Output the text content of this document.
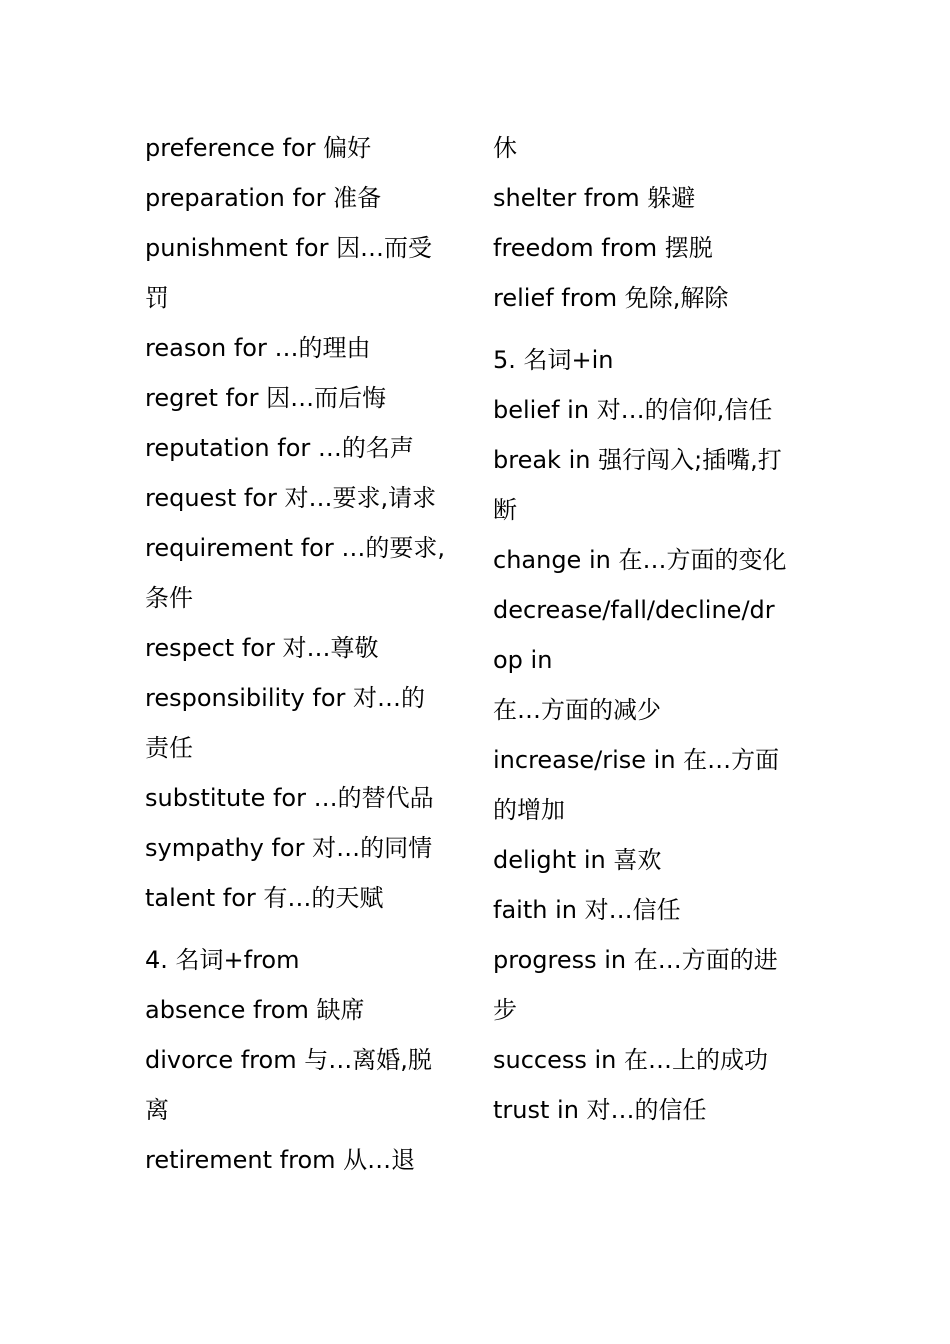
preference for 偏好
preparation for 准备
punishment for 因…而受
罚
reason for …的理由
regret for 因…而后悔
reputation for …的名声
request for 对…要求,请求
requirement for …的要求,
条件
respect for 对…尊敬
responsibility for 对…的
责任
substitute for …的替代品
sympathy for 对…的同情
talent for 有…的天赋
4. 名词+from
absence from 缺席
divorce from 与…离婚,脱
离
retirement from 从…退
休
shelter from 躲避
freedom from 摆脱
relief from 免除,解除
5. 名词+in
belief in 对…的信仰,信任
break in 强行闯入;插嘴,打
断
change in 在…方面的变化
decrease/fall/decline/dr
op in
在…方面的减少
increase/rise in 在…方面
的增加
delight in 喜欢
faith in 对…信任
progress in 在…方面的进
步
success in 在…上的成功
trust in 对…的信任
